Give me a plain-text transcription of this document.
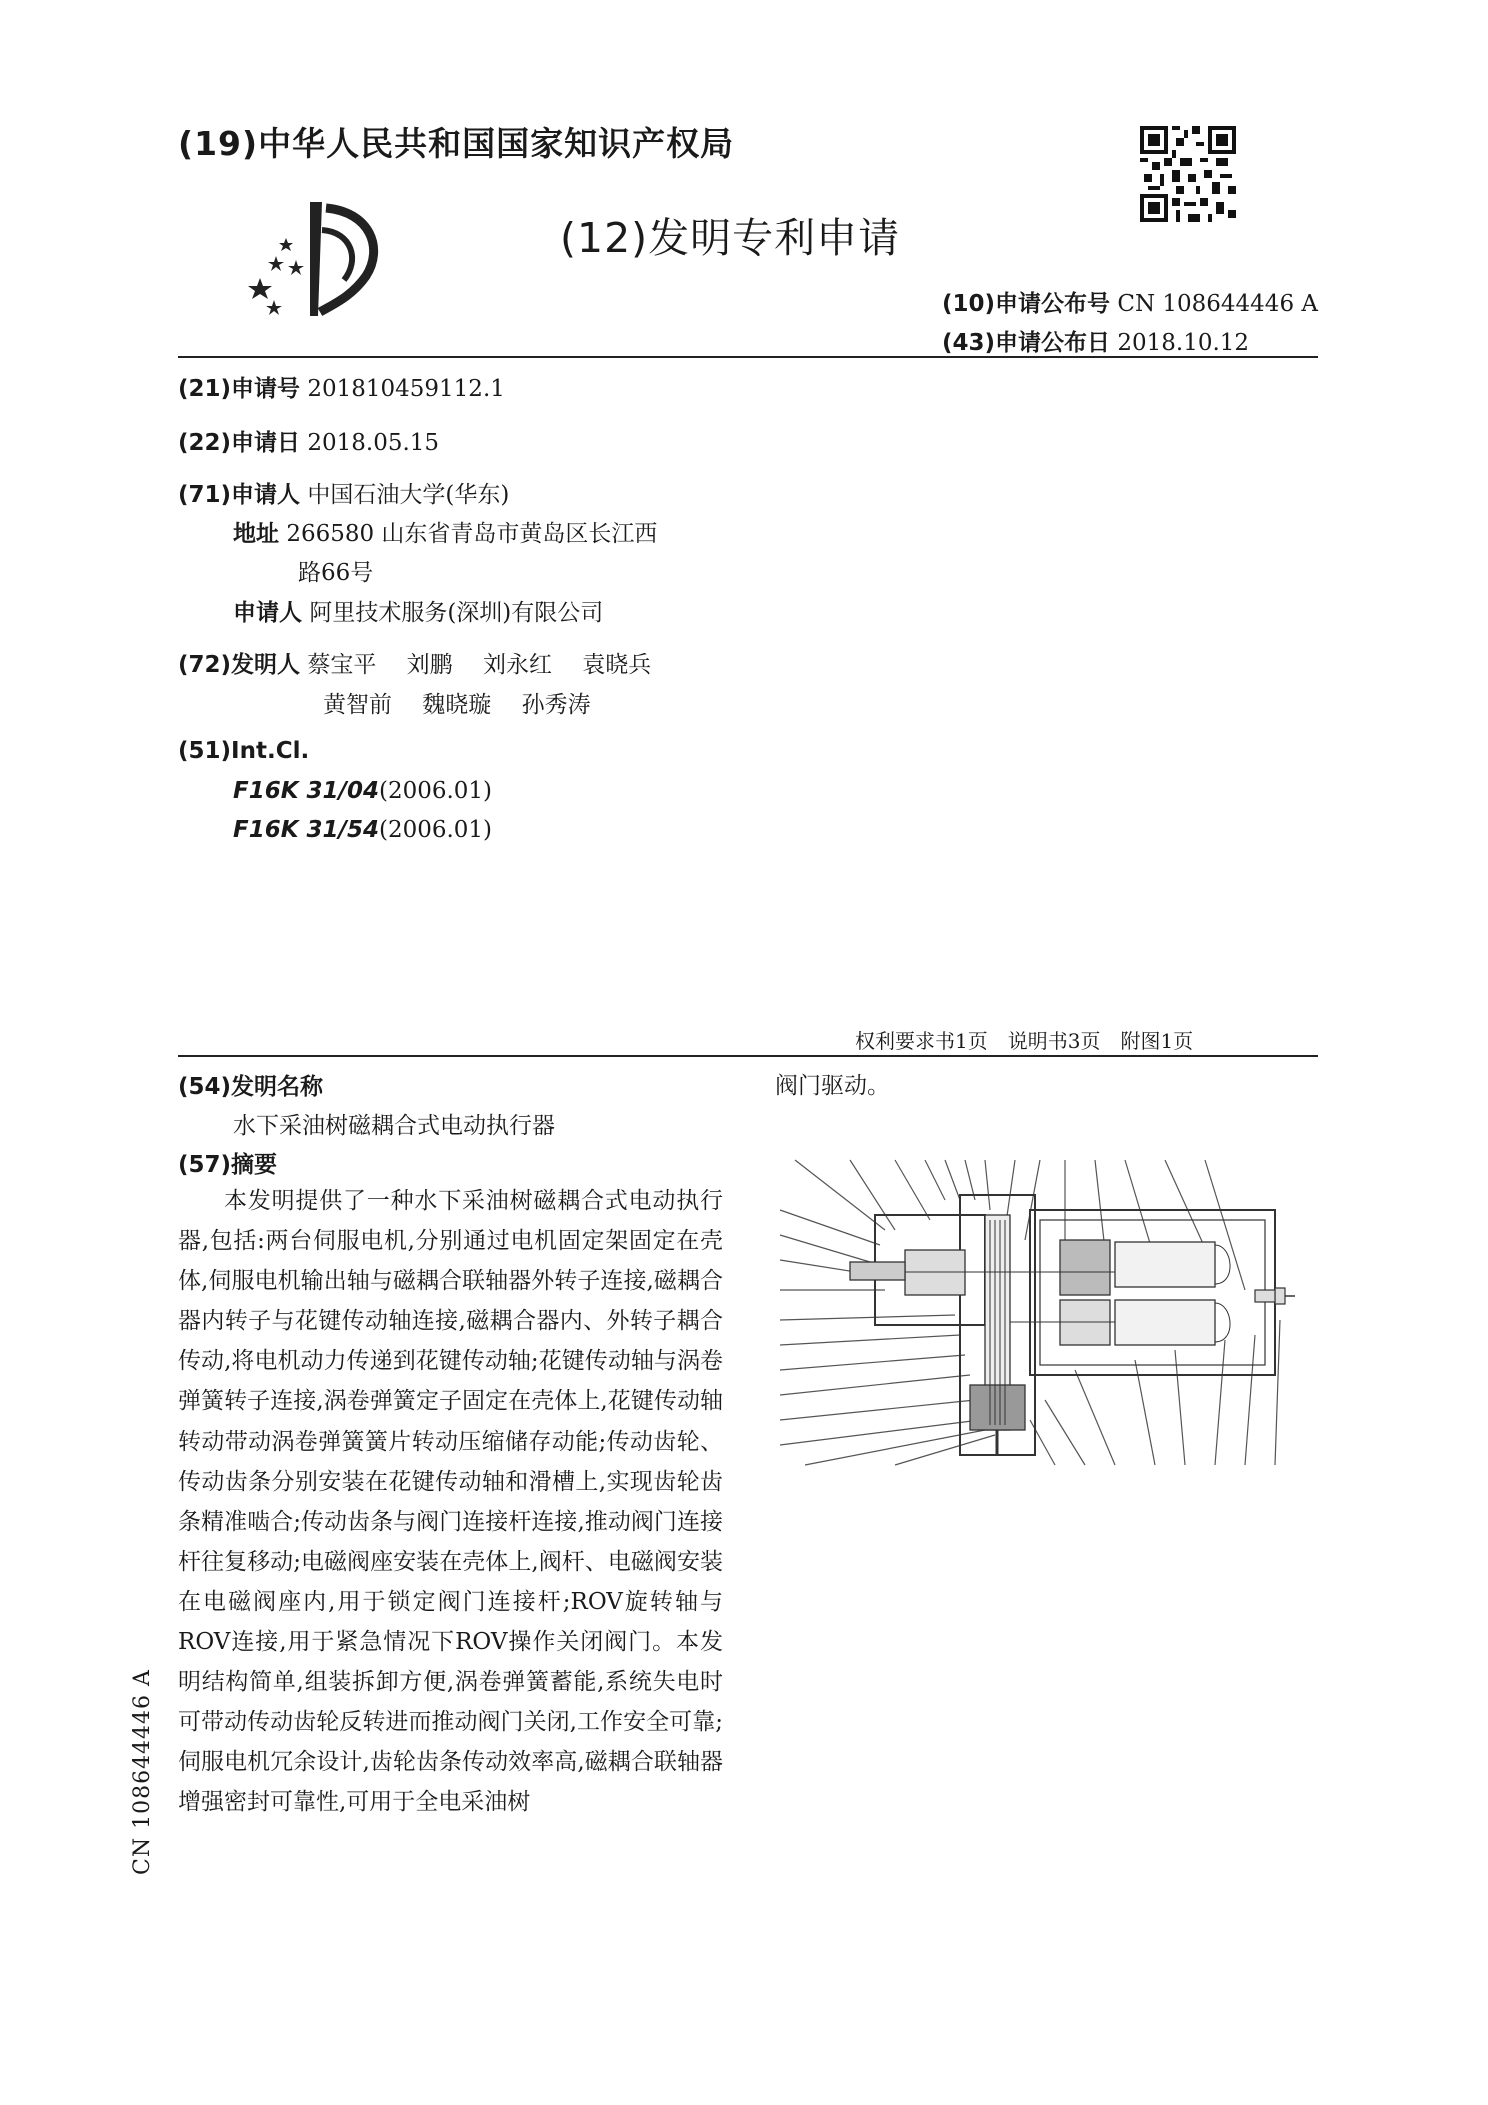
(19)中华人民共和国国家知识产权局
(12)发明专利申请
(10)申请公布号 CN 108644446 A
(43)申请公布日 2018.10.12
(21)申请号 201810459112.1
(22)申请日 2018.05.15
(71)申请人 中国石油大学(华东)
地址 266580 山东省青岛市黄岛区长江西
路66号
申请人 阿里技术服务(深圳)有限公司
(72)发明人 蔡宝平　 刘鹏　 刘永红　 袁晓兵
黄智前　 魏晓璇　 孙秀涛
(51)Int.Cl.
F16K 31/04(2006.01)
F16K 31/54(2006.01)
权利要求书1页　说明书3页　附图1页
(54)发明名称
水下采油树磁耦合式电动执行器
(57)摘要
本发明提供了一种水下采油树磁耦合式电动执行器,包括:两台伺服电机,分别通过电机固定架固定在壳体,伺服电机输出轴与磁耦合联轴器外转子连接,磁耦合器内转子与花键传动轴连接,磁耦合器内、外转子耦合传动,将电机动力传递到花键传动轴;花键传动轴与涡卷弹簧转子连接,涡卷弹簧定子固定在壳体上,花键传动轴转动带动涡卷弹簧簧片转动压缩储存动能;传动齿轮、传动齿条分别安装在花键传动轴和滑槽上,实现齿轮齿条精准啮合;传动齿条与阀门连接杆连接,推动阀门连接杆往复移动;电磁阀座安装在壳体上,阀杆、电磁阀安装在电磁阀座内,用于锁定阀门连接杆;ROV旋转轴与ROV连接,用于紧急情况下ROV操作关闭阀门。本发明结构简单,组装拆卸方便,涡卷弹簧蓄能,系统失电时可带动传动齿轮反转进而推动阀门关闭,工作安全可靠;伺服电机冗余设计,齿轮齿条传动效率高,磁耦合联轴器增强密封可靠性,可用于全电采油树
阀门驱动。
CN 108644446 A
